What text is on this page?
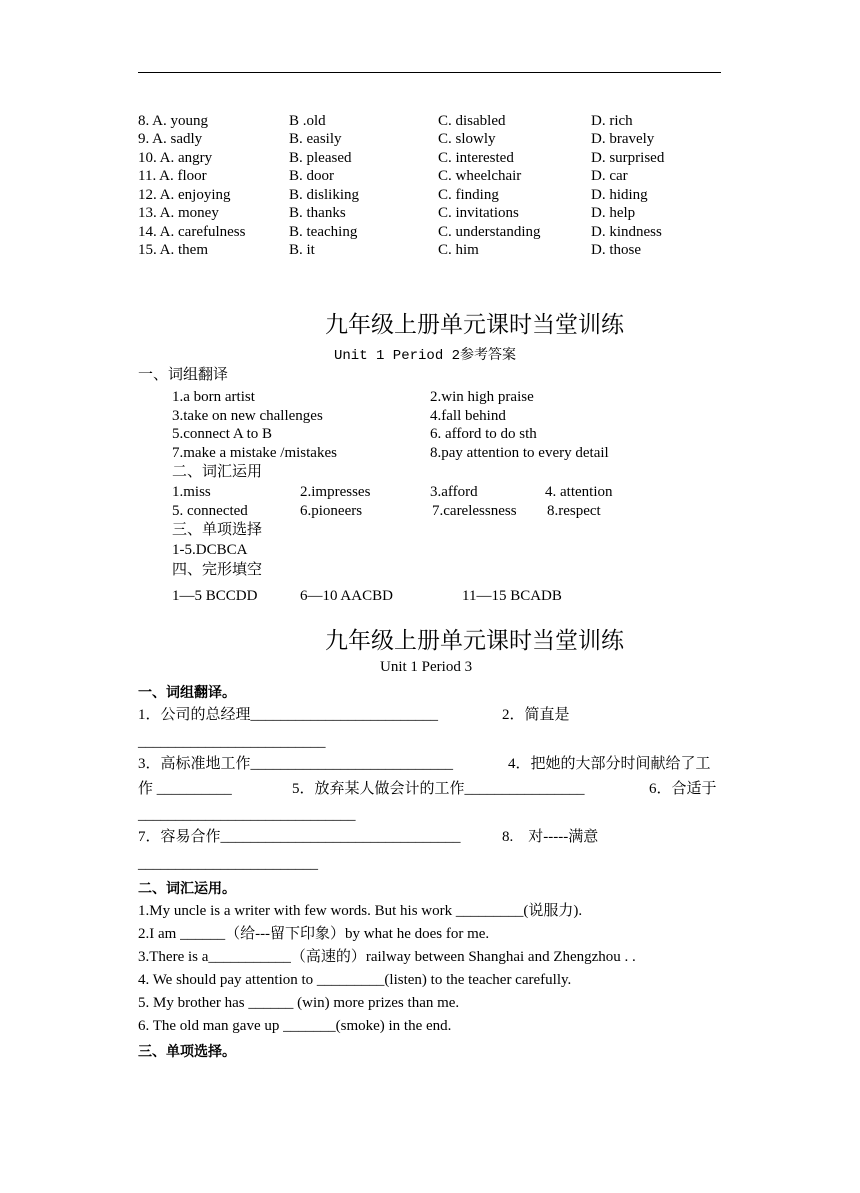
8. A. young	B .old	C. disabled	D. rich
9. A. sadly	B. easily	C. slowly	D. bravely
10. A. angry	B. pleased	C. interested	D. surprised
11. A. floor	B. door	C. wheelchair	D. car
12. A. enjoying	B. disliking	C. finding	D. hiding
13. A. money	B. thanks	C. invitations	D. help
14. A. carefulness	B. teaching	C. understanding	D. kindness
15. A. them	B. it	C. him	D. those
九年级上册单元课时当堂训练
Unit 1 Period 2参考答案
一、词组翻译
1.a born artist	2.win high praise
3.take on new challenges	4.fall behind
5.connect A to B	6. afford to do sth
7.make a mistake /mistakes	8.pay attention to every detail
二、词汇运用
1.miss	2.impresses	3.afford	4. attention
5. connected	6.pioneers	7.carelessness 8.respect
三、单项选择
1-5.DCBCA
四、完形填空
1—5 BCCDD	6—10 AACBD	11—15 BCADB
九年级上册单元课时当堂训练
Unit 1 Period 3
一、词组翻译。
1．公司的总经理_________________________	2．简直是
_________________________
3．高标准地工作___________________________	4．把她的大部分时间献给了工
作 __________	5．放弃某人做会计的工作________________	6．合适于
_____________________________
7．容易合作________________________________	8.　对-----满意
________________________
二、词汇运用。
1.My uncle is a writer with few words. But his work _________(说服力).
2.I am ______（给---留下印象）by what he does for me.
3.There is a___________（高速的）railway between Shanghai and Zhengzhou . .
4. We should pay attention to _________(listen) to the teacher carefully.
5. My brother has ______ (win) more prizes than me.
6. The old man gave up _______(smoke) in the end.
三、单项选择。
